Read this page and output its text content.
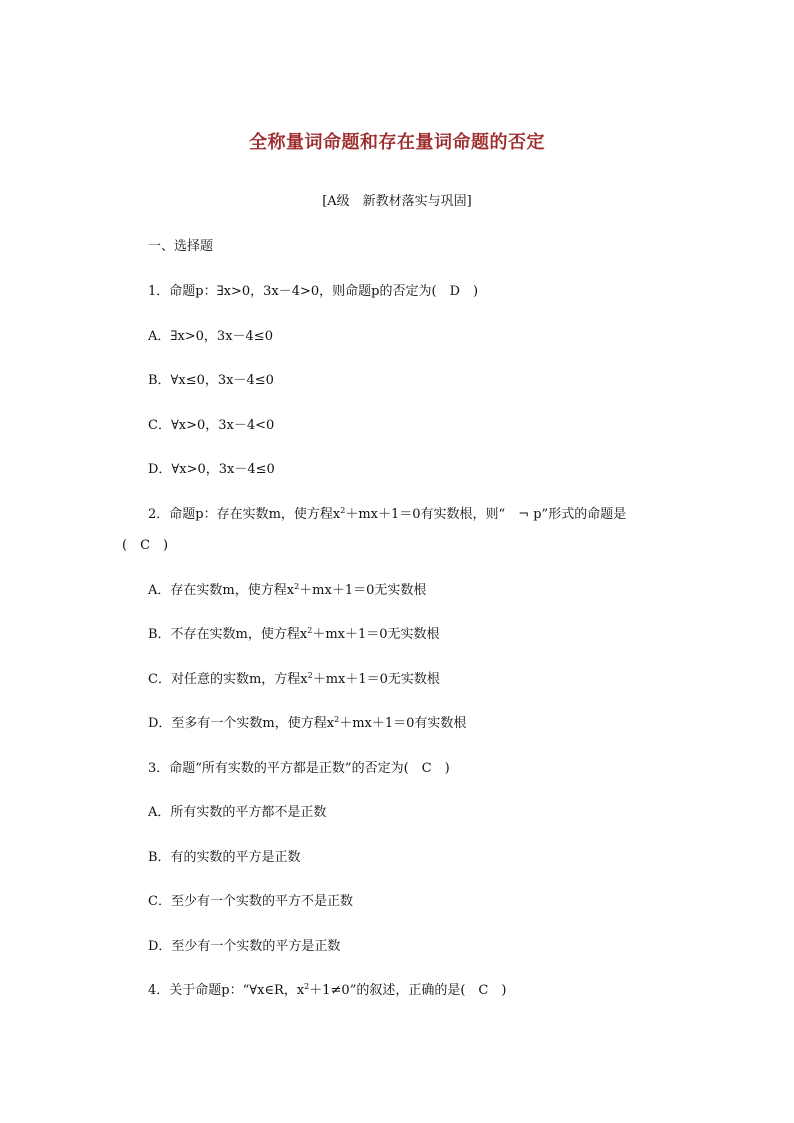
全称量词命题和存在量词命题的否定
[A级　新教材落实与巩固]
一、选择题
1．命题p：∃x>0，3x－4>0，则命题p的否定为(　D　)
A．∃x>0，3x－4≤0
B．∀x≤0，3x－4≤0
C．∀x>0，3x－4<0
D．∀x>0，3x－4≤0
2．命题p：存在实数m，使方程$x^2+mx+1=0$有实数根，则“　¬ p”形式的命题是
(　C　)
A．存在实数m，使方程$x^2+mx+1=0$无实数根
B．不存在实数m，使方程$x^2+mx+1=0$无实数根
C．对任意的实数m，方程$x^2+mx+1=0$无实数根
D．至多有一个实数m，使方程$x^2+mx+1=0$有实数根
3．命题“所有实数的平方都是正数”的否定为(　C　)
A．所有实数的平方都不是正数
B．有的实数的平方是正数
C．至少有一个实数的平方不是正数
D．至少有一个实数的平方是正数
4．关于命题p：“∀x∈R，$x^2+1\ne 0$”的叙述，正确的是(　C　)
